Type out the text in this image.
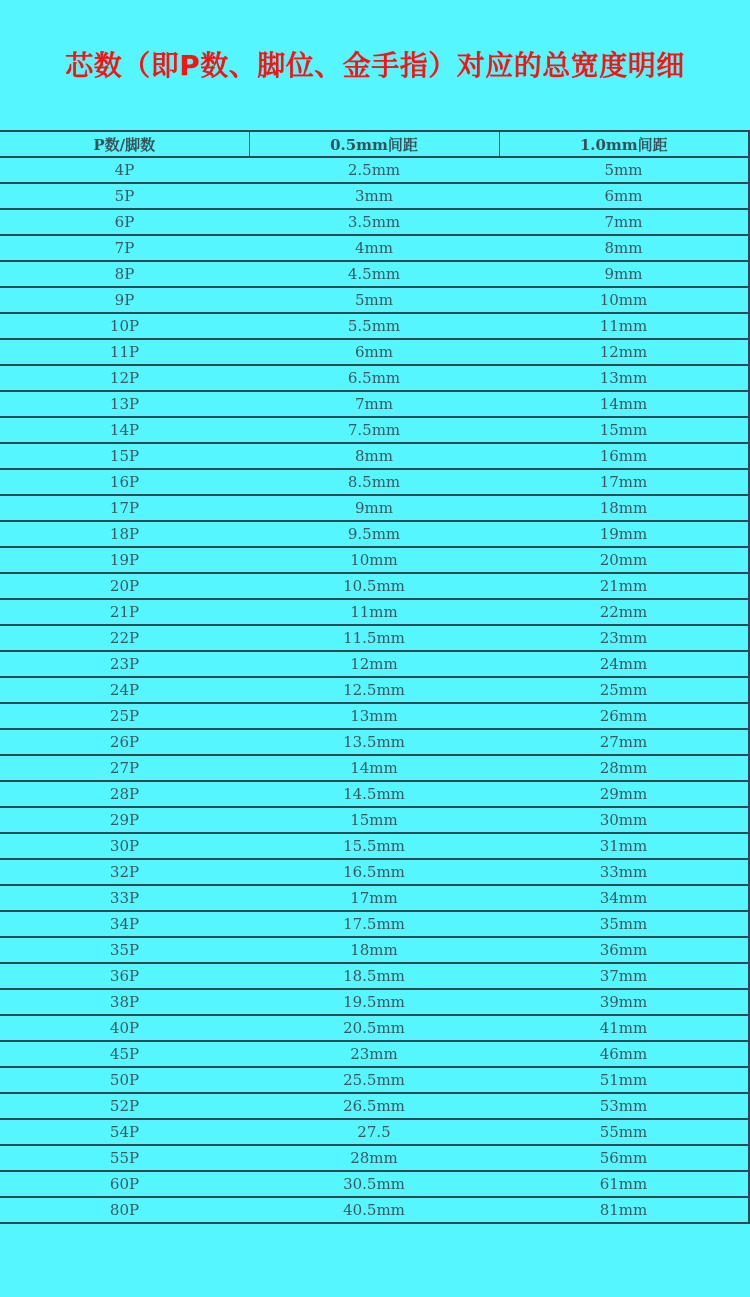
芯数（即P数、脚位、金手指）对应的总宽度明细
P数/脚数	0.5mm间距	1.0mm间距
4P	2.5mm	5mm
5P	3mm	6mm
6P	3.5mm	7mm
7P	4mm	8mm
8P	4.5mm	9mm
9P	5mm	10mm
10P	5.5mm	11mm
11P	6mm	12mm
12P	6.5mm	13mm
13P	7mm	14mm
14P	7.5mm	15mm
15P	8mm	16mm
16P	8.5mm	17mm
17P	9mm	18mm
18P	9.5mm	19mm
19P	10mm	20mm
20P	10.5mm	21mm
21P	11mm	22mm
22P	11.5mm	23mm
23P	12mm	24mm
24P	12.5mm	25mm
25P	13mm	26mm
26P	13.5mm	27mm
27P	14mm	28mm
28P	14.5mm	29mm
29P	15mm	30mm
30P	15.5mm	31mm
32P	16.5mm	33mm
33P	17mm	34mm
34P	17.5mm	35mm
35P	18mm	36mm
36P	18.5mm	37mm
38P	19.5mm	39mm
40P	20.5mm	41mm
45P	23mm	46mm
50P	25.5mm	51mm
52P	26.5mm	53mm
54P	27.5	55mm
55P	28mm	56mm
60P	30.5mm	61mm
80P	40.5mm	81mm
